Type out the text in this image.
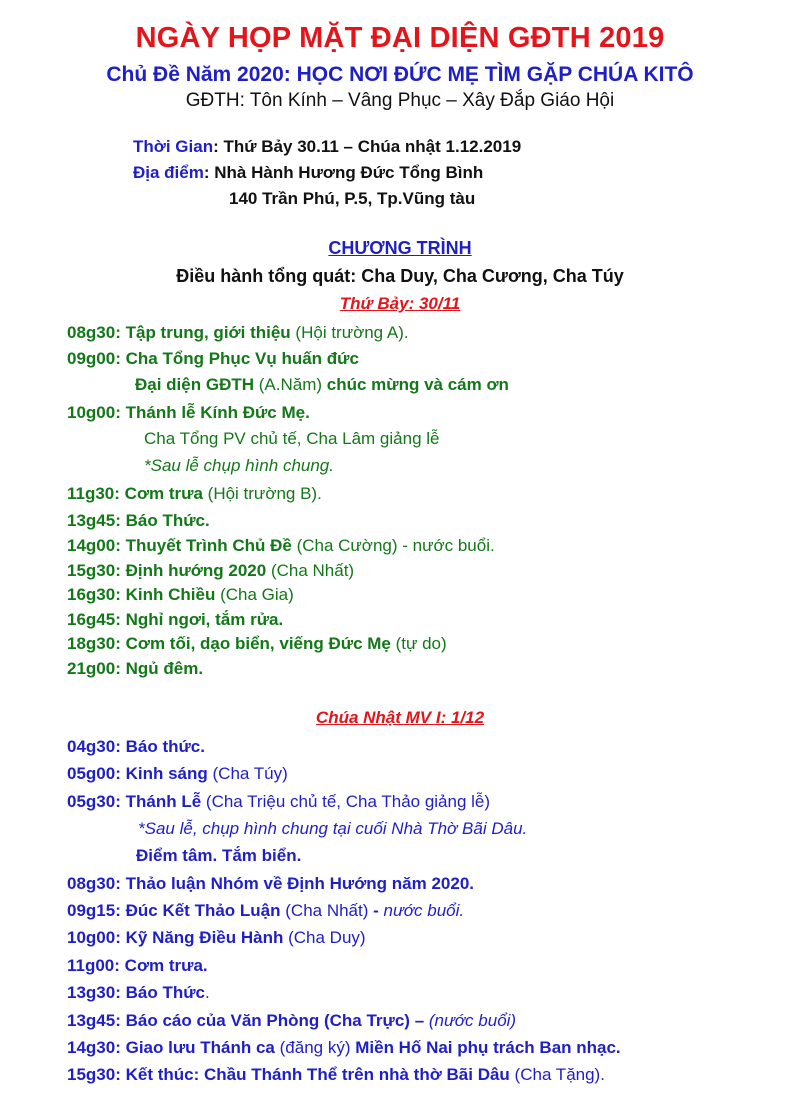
NGÀY HỌP MẶT ĐẠI DIỆN GĐTH 2019
Chủ Đề Năm 2020: HỌC NƠI ĐỨC MẸ TÌM GẶP CHÚA KITÔ
GĐTH: Tôn Kính – Vâng Phục – Xây Đắp Giáo Hội
Thời Gian: Thứ Bảy 30.11 – Chúa nhật 1.12.2019
Địa điểm: Nhà Hành Hương Đức Tổng Bình
140 Trần Phú, P.5, Tp.Vũng tàu
CHƯƠNG TRÌNH
Điều hành tổng quát: Cha Duy, Cha Cương, Cha Túy
Thứ Bảy: 30/11
08g30: Tập trung, giới thiệu (Hội trường A).
09g00: Cha Tổng Phục Vụ huấn đức
Đại diện GĐTH (A.Năm) chúc mừng và cám ơn
10g00: Thánh lễ Kính Đức Mẹ.
Cha Tổng PV chủ tế, Cha Lâm giảng lễ
*Sau lễ chụp hình chung.
11g30: Cơm trưa (Hội trường B).
13g45: Báo Thức.
14g00: Thuyết Trình Chủ Đề (Cha Cường) - nước buổi.
15g30: Định hướng 2020 (Cha Nhất)
16g30: Kinh Chiều (Cha Gia)
16g45: Nghỉ ngơi, tắm rửa.
18g30: Cơm tối, dạo biển, viếng Đức Mẹ (tự do)
21g00: Ngủ đêm.
Chúa Nhật MV I: 1/12
04g30: Báo thức.
05g00: Kinh sáng (Cha Túy)
05g30: Thánh Lễ (Cha Triệu chủ tế, Cha Thảo giảng lễ)
*Sau lễ, chụp hình chung tại cuối Nhà Thờ Bãi Dâu.
Điểm tâm. Tắm biển.
08g30: Thảo luận Nhóm về Định Hướng năm 2020.
09g15: Đúc Kết Thảo Luận (Cha Nhất) - nước buổi.
10g00: Kỹ Năng Điều Hành (Cha Duy)
11g00: Cơm trưa.
13g30: Báo Thức.
13g45: Báo cáo của Văn Phòng (Cha Trực) – (nước buổi)
14g30: Giao lưu Thánh ca (đăng ký) Miền Hố Nai phụ trách Ban nhạc.
15g30: Kết thúc: Chầu Thánh Thể trên nhà thờ Bãi Dâu (Cha Tặng).
